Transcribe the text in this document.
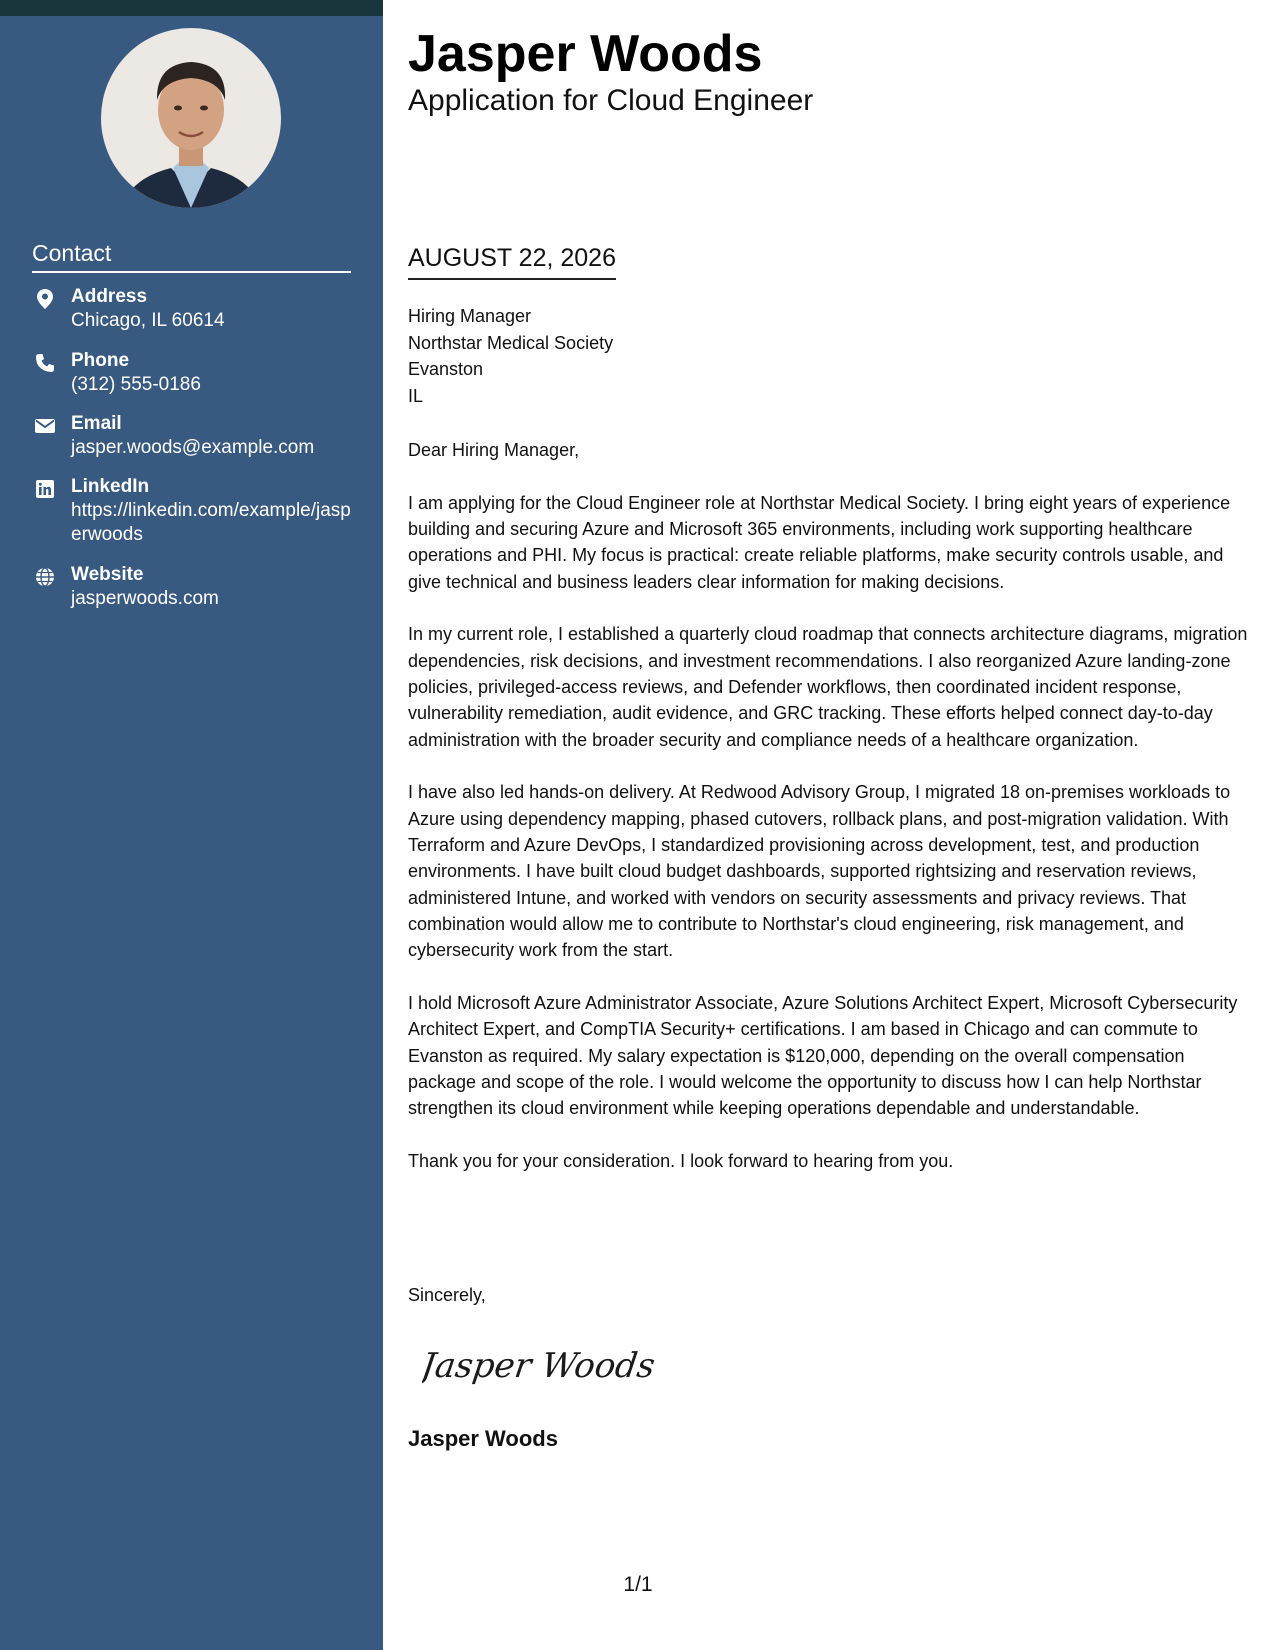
Contact
Address
Chicago, IL 60614
Phone
(312) 555-0186
Email
jasper.woods@example.com
LinkedIn
https://linkedin.com/example/jasperwoods
Website
jasperwoods.com
Jasper Woods
Application for Cloud Engineer
AUGUST 22, 2026
Hiring Manager
Northstar Medical Society
Evanston
IL

Dear Hiring Manager,

I am applying for the Cloud Engineer role at Northstar Medical Society. I bring eight years of experience building and securing Azure and Microsoft 365 environments, including work supporting healthcare operations and PHI. My focus is practical: create reliable platforms, make security controls usable, and give technical and business leaders clear information for making decisions.

In my current role, I established a quarterly cloud roadmap that connects architecture diagrams, migration dependencies, risk decisions, and investment recommendations. I also reorganized Azure landing-zone policies, privileged-access reviews, and Defender workflows, then coordinated incident response, vulnerability remediation, audit evidence, and GRC tracking. These efforts helped connect day-to-day administration with the broader security and compliance needs of a healthcare organization.

I have also led hands-on delivery. At Redwood Advisory Group, I migrated 18 on-premises workloads to Azure using dependency mapping, phased cutovers, rollback plans, and post-migration validation. With Terraform and Azure DevOps, I standardized provisioning across development, test, and production environments. I have built cloud budget dashboards, supported rightsizing and reservation reviews, administered Intune, and worked with vendors on security assessments and privacy reviews. That combination would allow me to contribute to Northstar's cloud engineering, risk management, and cybersecurity work from the start.

I hold Microsoft Azure Administrator Associate, Azure Solutions Architect Expert, Microsoft Cybersecurity Architect Expert, and CompTIA Security+ certifications. I am based in Chicago and can commute to Evanston as required. My salary expectation is $120,000, depending on the overall compensation package and scope of the role. I would welcome the opportunity to discuss how I can help Northstar strengthen its cloud environment while keeping operations dependable and understandable.

Thank you for your consideration. I look forward to hearing from you.

Sincerely,
Jasper Woods
Jasper Woods
1/1
